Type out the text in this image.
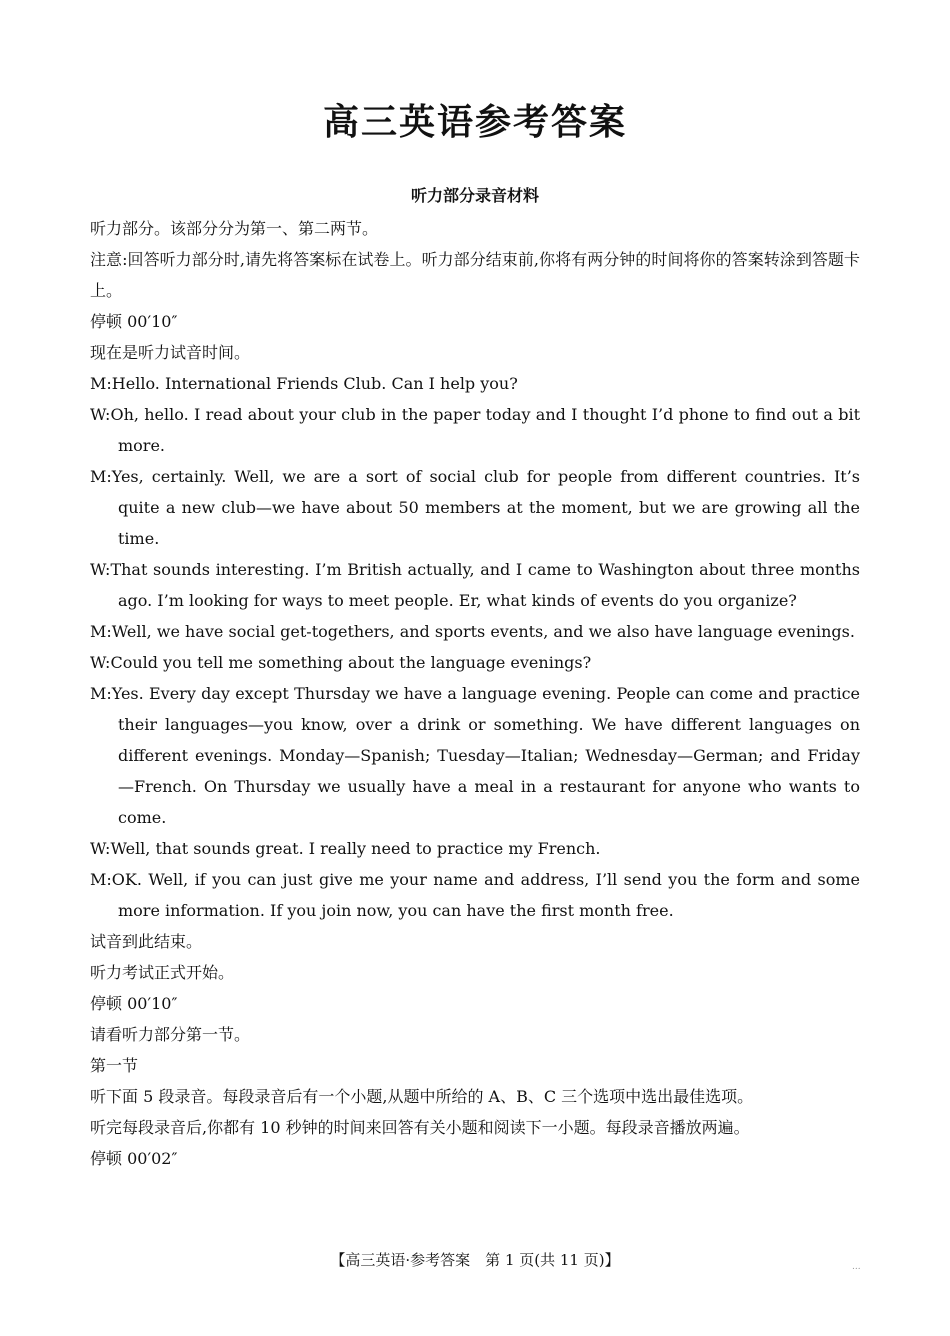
高三英语参考答案
听力部分录音材料

听力部分。该部分分为第一、第二两节。

注意:回答听力部分时,请先将答案标在试卷上。听力部分结束前,你将有两分钟的时间将你的答案转涂到答题卡上。

停顿 00′10″

现在是听力试音时间。

M:Hello. International Friends Club. Can I help you?

W:Oh, hello. I read about your club in the paper today and I thought I’d phone to find out a bit more.

M:Yes, certainly. Well, we are a sort of social club for people from different countries. It’s quite a new club—we have about 50 members at the moment, but we are growing all the time.

W:That sounds interesting. I’m British actually, and I came to Washington about three months ago. I’m looking for ways to meet people. Er, what kinds of events do you organize?

M:Well, we have social get-togethers, and sports events, and we also have language evenings.

W:Could you tell me something about the language evenings?

M:Yes. Every day except Thursday we have a language evening. People can come and practice their languages—you know, over a drink or something. We have different languages on different evenings. Monday—Spanish; Tuesday—Italian; Wednesday—German; and Friday—French. On Thursday we usually have a meal in a restaurant for anyone who wants to come.

W:Well, that sounds great. I really need to practice my French.

M:OK. Well, if you can just give me your name and address, I’ll send you the form and some more information. If you join now, you can have the first month free.

试音到此结束。

听力考试正式开始。

停顿 00′10″

请看听力部分第一节。

第一节

听下面 5 段录音。每段录音后有一个小题,从题中所给的 A、B、C 三个选项中选出最佳选项。

听完每段录音后,你都有 10 秒钟的时间来回答有关小题和阅读下一小题。每段录音播放两遍。

停顿 00′02″

【高三英语·参考答案　第 1 页(共 11 页)】	...
